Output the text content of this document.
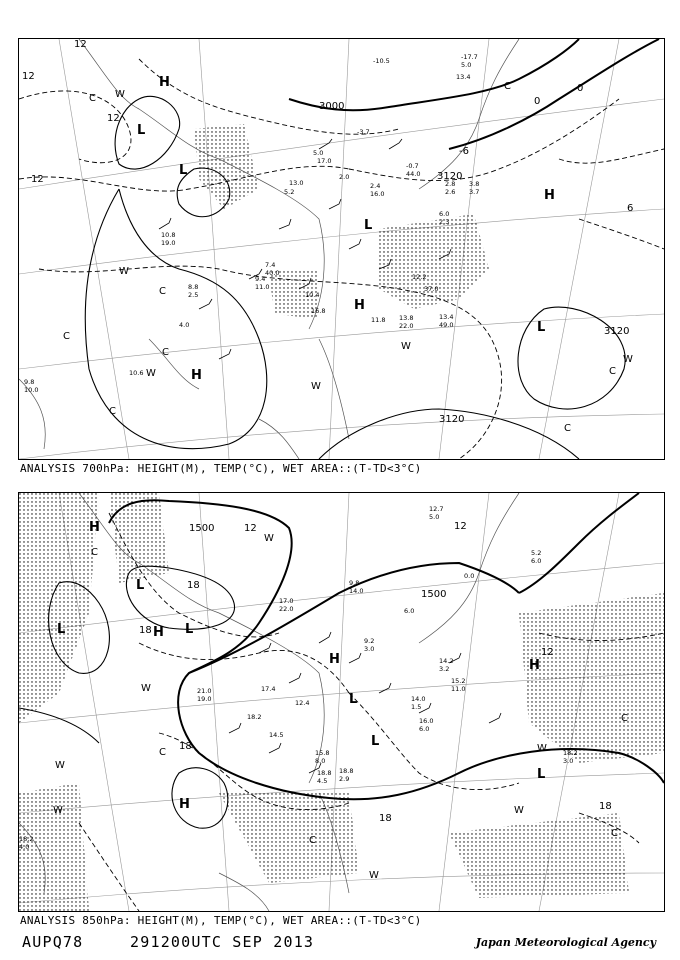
3000
3120
3120
3120
12
12
12
12
6
0
0
-6
H
H
H
H
L
L
L
L
C
C
C
C
C
C
C
C
W
W
W
W
W
W
-17.7
5.0
-10.5
13.4
-3.7
5.0
17.0
-0.7
44.0
2.0
13.0	2.4
16.0
5.2
2.8 3.8
2.6 3.7
6.0
2.3
10.8
19.0
7.4
40.0
9.4
11.0
8.8
2.5	10.4
16.8
12.2
37.0
13.4
49.0
13.8
22.0
11.8
4.0
10.6
9.8
10.0
ANALYSIS 700hPa: HEIGHT(M), TEMP(°C), WET AREA::(T-TD<3°C)
1500
1500
18
18
18
18
18
12	12
12
H
H
H	H
H
L
L
L
L
L
L
C
C
C
C
C
W
W	W
W
W
W
W
12.7
5.0
5.2
6.0
6.0
0.0
9.8
14.0
17.0
22.0
9.2
3.0
14.2
3.2
15.2
11.0
14.0
1.5
16.0
6.0
21.0
19.0
18.2
17.4
12.4
14.5
15.8
8.0
18.8
4.5
18.2
3.0
18.2
4.0
18.8
2.9
ANALYSIS 850hPa: HEIGHT(M), TEMP(°C), WET AREA::(T-TD<3°C)
AUPQ78	291200UTC SEP 2013	Japan Meteorological Agency
